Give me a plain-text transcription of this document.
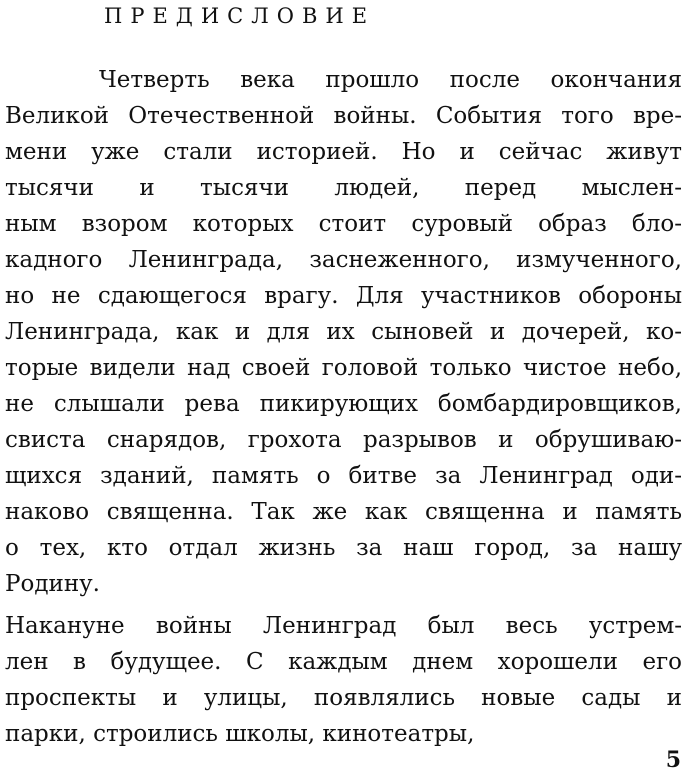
ПРЕДИСЛОВИЕ
Четверть века прошло после окончания
Великой Отечественной войны. События того вре-
мени уже стали историей. Но и сейчас живут
тысячи и тысячи людей, перед мыслен-
ным взором которых стоит суровый образ бло-
кадного Ленинграда, заснеженного, измученного,
но не сдающегося врагу. Для участников обороны
Ленинграда, как и для их сыновей и дочерей, ко-
торые видели над своей головой только чистое небо,
не слышали рева пикирующих бомбардировщиков,
свиста снарядов, грохота разрывов и обрушиваю-
щихся зданий, память о битве за Ленинград оди-
наково священна. Так же как священна и память
о тех, кто отдал жизнь за наш город, за нашу
Родину.
Накануне войны Ленинград был весь устрем-
лен в будущее. С каждым днем хорошели его
проспекты и улицы, появлялись новые сады и
парки, строились школы, кинотеатры,
5
